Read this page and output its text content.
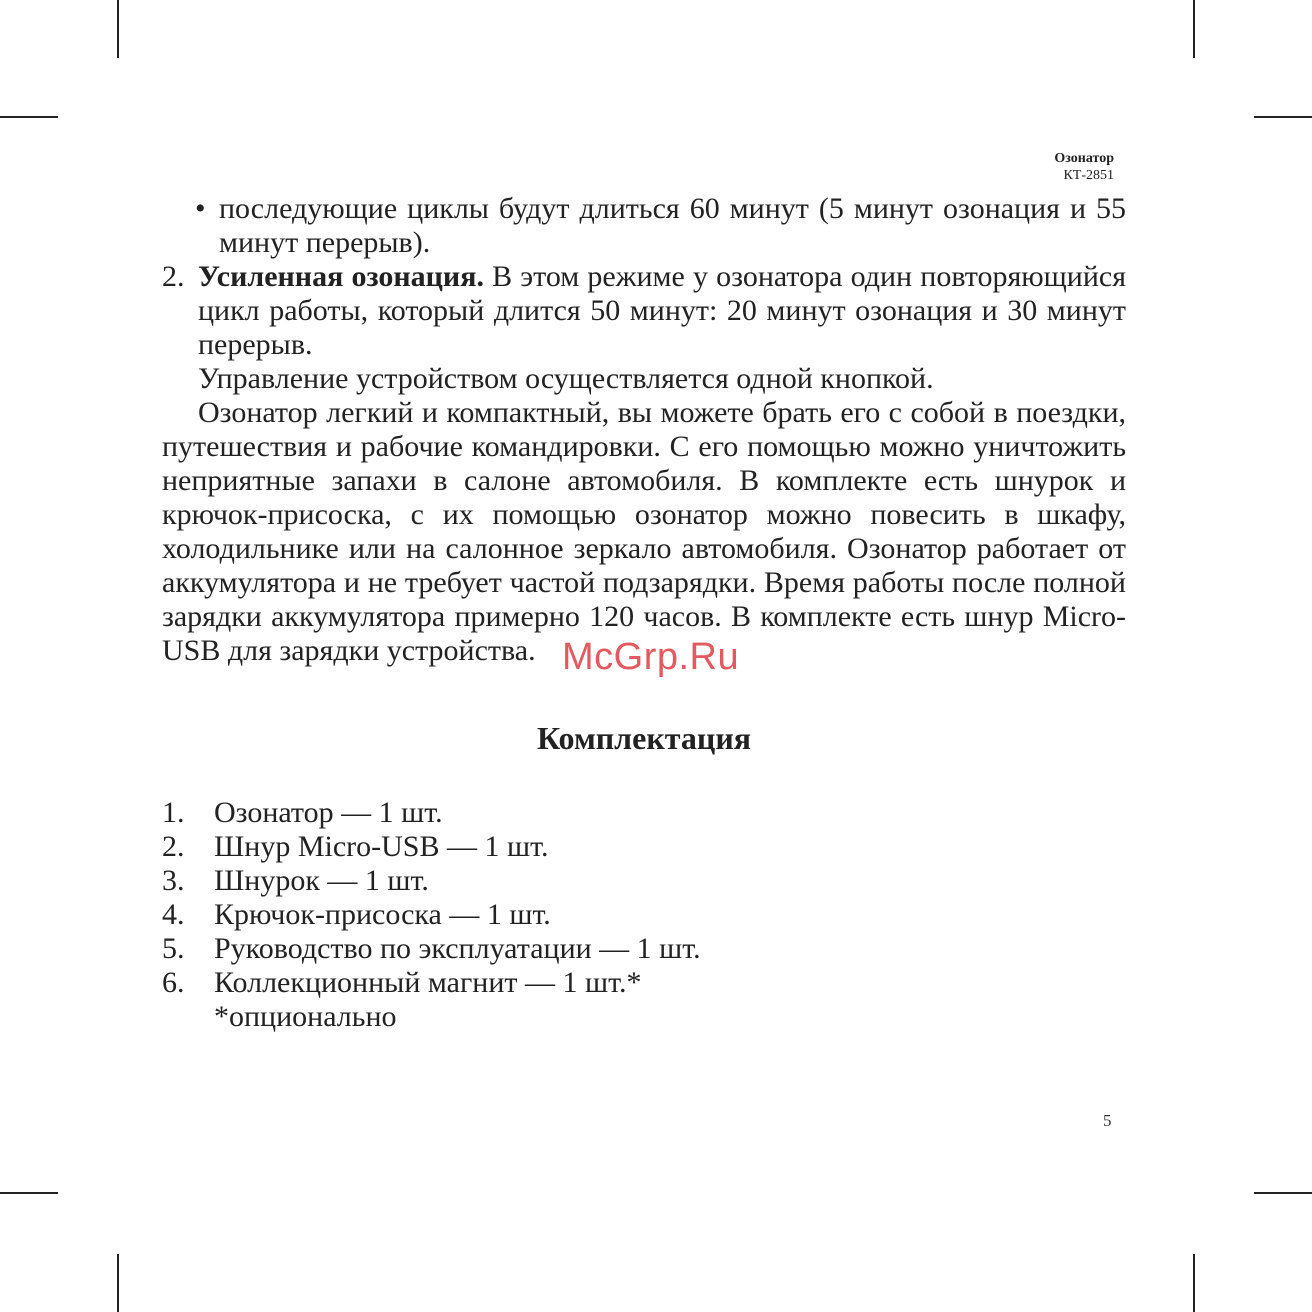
Озонатор
КТ-2851
• последующие циклы будут длиться 60 минут (5 минут озонация и 55 минут перерыв).
2. Усиленная озонация. В этом режиме у озонатора один повторяющийся цикл работы, который длится 50 минут: 20 минут озонация и 30 минут перерыв.

Управление устройством осуществляется одной кнопкой.

Озонатор легкий и компактный, вы можете брать его с собой в поездки, путешествия и рабочие командировки. С его помощью можно уничтожить неприятные запахи в салоне автомобиля. В комплекте есть шнурок и крючок-присоска, с их помощью озонатор можно повесить в шкафу, холодильнике или на салонное зеркало автомобиля. Озонатор работает от аккумулятора и не требует частой подзарядки. Время работы после полной зарядки аккумулятора примерно 120 часов. В комплекте есть шнур Micro-USB для зарядки устройства.

Комплектация
1. Озонатор — 1 шт.
2. Шнур Micro-USB — 1 шт.
3. Шнурок — 1 шт.
4. Крючок-присоска — 1 шт.
5. Руководство по эксплуатации — 1 шт.
6. Коллекционный магнит — 1 шт.*
*опционально
McGrp.Ru
5
